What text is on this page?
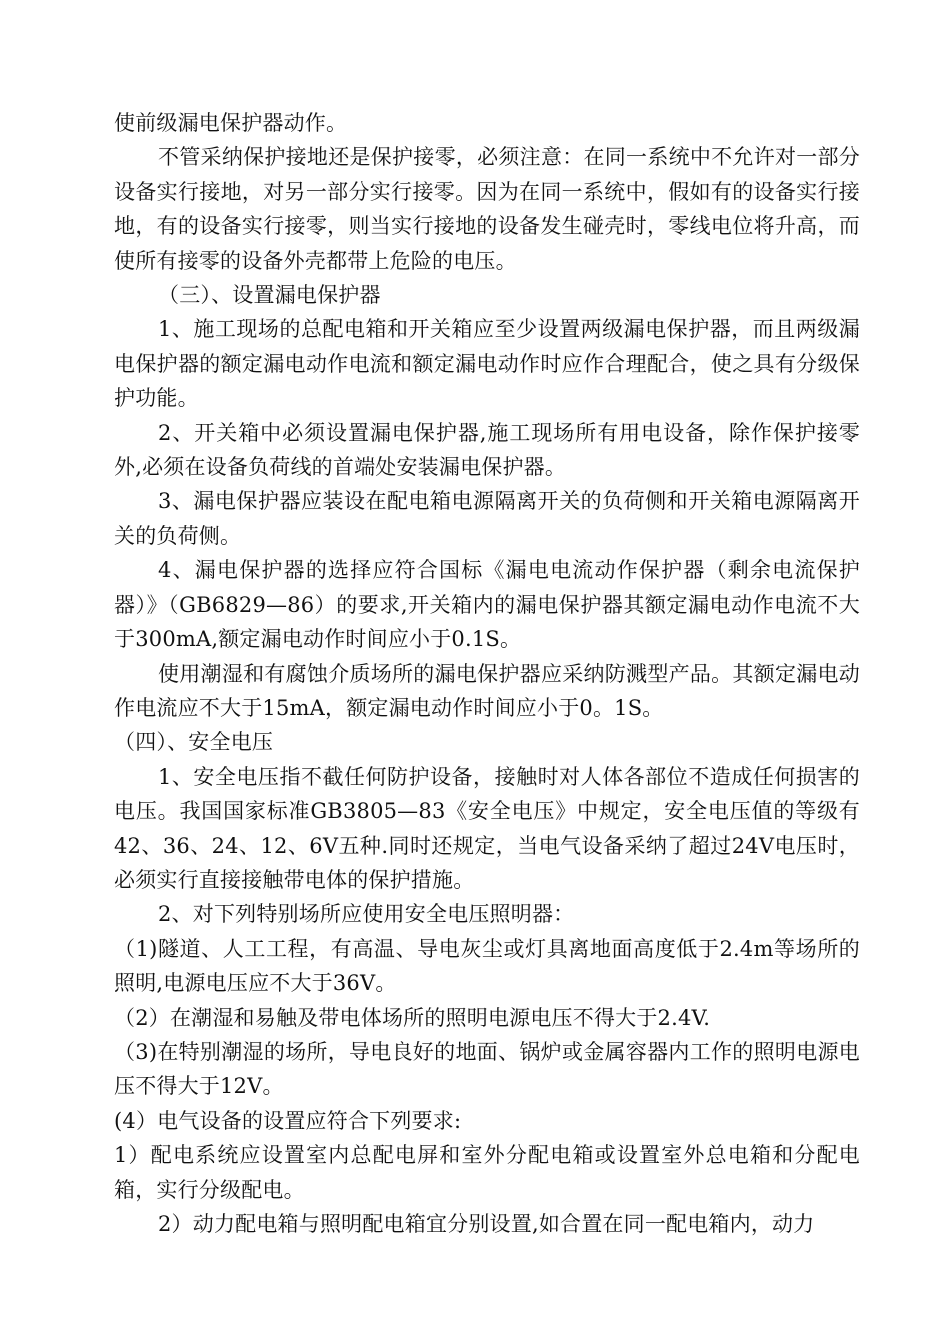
使前级漏电保护器动作。

不管采纳保护接地还是保护接零，必须注意：在同一系统中不允许对一部分设备实行接地，对另一部分实行接零。因为在同一系统中，假如有的设备实行接地，有的设备实行接零，则当实行接地的设备发生碰壳时，零线电位将升高，而使所有接零的设备外壳都带上危险的电压。

（三）、设置漏电保护器

1、施工现场的总配电箱和开关箱应至少设置两级漏电保护器，而且两级漏电保护器的额定漏电动作电流和额定漏电动作时应作合理配合，使之具有分级保护功能。

2、开关箱中必须设置漏电保护器,施工现场所有用电设备，除作保护接零外,必须在设备负荷线的首端处安装漏电保护器。

3、漏电保护器应装设在配电箱电源隔离开关的负荷侧和开关箱电源隔离开关的负荷侧。

4、漏电保护器的选择应符合国标《漏电电流动作保护器（剩余电流保护器）》（GB6829—86）的要求,开关箱内的漏电保护器其额定漏电动作电流不大于300mA,额定漏电动作时间应小于0.1S。

使用潮湿和有腐蚀介质场所的漏电保护器应采纳防溅型产品。其额定漏电动作电流应不大于15mA，额定漏电动作时间应小于0。1S。

（四）、安全电压

1、安全电压指不截任何防护设备，接触时对人体各部位不造成任何损害的电压。我国国家标准GB3805—83《安全电压》中规定，安全电压值的等级有42、36、24、12、6V五种.同时还规定，当电气设备采纳了超过24V电压时，必须实行直接接触带电体的保护措施。

2、对下列特别场所应使用安全电压照明器：

（1)隧道、人工工程，有高温、导电灰尘或灯具离地面高度低于2.4m等场所的照明,电源电压应不大于36V。

（2）在潮湿和易触及带电体场所的照明电源电压不得大于2.4V.

（3)在特别潮湿的场所，导电良好的地面、锅炉或金属容器内工作的照明电源电压不得大于12V。

(4）电气设备的设置应符合下列要求:

1）配电系统应设置室内总配电屏和室外分配电箱或设置室外总电箱和分配电箱，实行分级配电。

2）动力配电箱与照明配电箱宜分别设置,如合置在同一配电箱内，动力
